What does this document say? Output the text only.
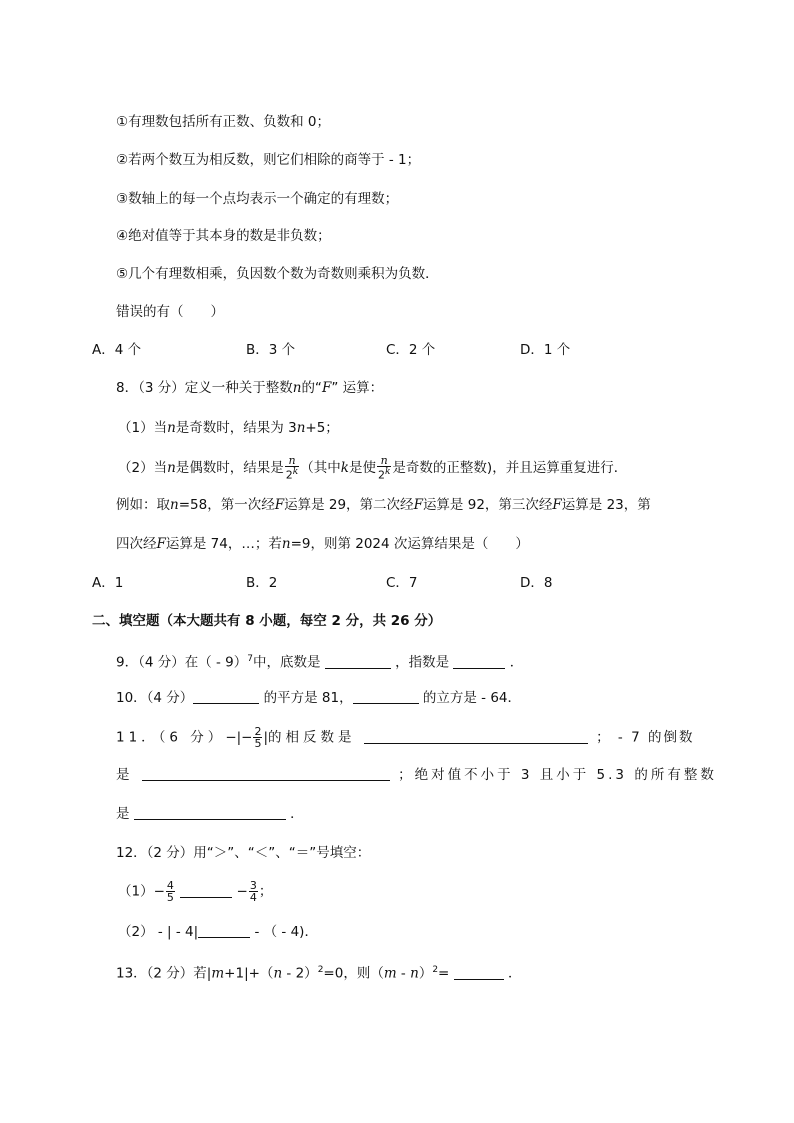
①有理数包括所有正数、负数和 0；
②若两个数互为相反数，则它们相除的商等于 - 1；
③数轴上的每一个点均表示一个确定的有理数；
④绝对值等于其本身的数是非负数；
⑤几个有理数相乘，负因数个数为奇数则乘积为负数．
错误的有（　　）
A．4 个	B．3 个	C．2 个	D．1 个
8．（3 分）定义一种关于整数n的“F” 运算：
（1）当n是奇数时，结果为 3n+5；
（2）当n是偶数时，结果是 $\frac{n}{2^k}$ （其中k是使 $\frac{n}{2^k}$ 是奇数的正整数)，并且运算重复进行．
例如：取n=58，第一次经F运算是 29，第二次经F运算是 92，第三次经F运算是 23，第
四次经F运算是 74，…；若n=9，则第 2024 次运算结果是（　　）
A．1	B．2	C．7	D．8
二、填空题（本大题共有 8 小题，每空 2 分，共 26 分）
9．（4 分）在（ - 9）$^7$中，底数是	，指数是	．
10．（4 分）	的平方是 81，	的立方是 - 64．
11．（6 分）−|− $\frac{2}{5}$ |的相反数是	； - 7 的倒数
是	；绝对值不小于 3 且小于 5.3 的所有整数
是	．
12．（2 分）用“＞”、“＜”、“＝”号填空：
$(1)- \frac{4}{5}$	− $\frac{3}{4}$ ；
（2） - | - 4|	- （ - 4)．
13．（2 分）若|m+1|+（n - 2）$^2$=0，则（m - n）$^2$=	．
